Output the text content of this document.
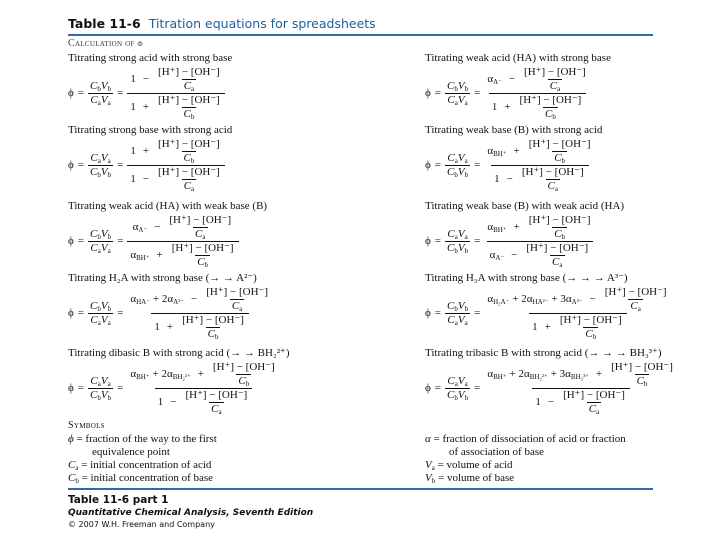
Table 11-6 Titration equations for spreadsheets
Calculation of ϕ
Titrating strong acid with strong base
$\phi = \frac{C_bV_b}{C_aV_a} = \frac{1 - \frac{[H^+] - [OH^-]}{C_a}}{1 + \frac{[H^+] - [OH^-]}{C_b}}$
Titrating strong base with strong acid
$\phi = \frac{C_aV_a}{C_bV_b} = \frac{1 + \frac{[H^+] - [OH^-]}{C_b}}{1 - \frac{[H^+] - [OH^-]}{C_a}}$
Titrating weak acid (HA) with weak base (B)
$\phi = \frac{C_bV_b}{C_aV_a} = \frac{\alpha_{A^-} - \frac{[H^+] - [OH^-]}{C_a}}{\alpha_{BH^+} + \frac{[H^+] - [OH^-]}{C_b}}$
Titrating H₂A with strong base (→ → A²⁻)
$\phi = \frac{C_bV_b}{C_aV_a} = \frac{\alpha_{HA^-} + 2\alpha_{A^{2-}} - \frac{[H^+] - [OH^-]}{C_a}}{1 + \frac{[H^+] - [OH^-]}{C_b}}$
Titrating dibasic B with strong acid (→ → BH₂²⁺)
$\phi = \frac{C_aV_a}{C_bV_b} = \frac{\alpha_{BH^+} + 2\alpha_{BH_2^{2+}} + \frac{[H^+] - [OH^-]}{C_b}}{1 - \frac{[H^+] - [OH^-]}{C_a}}$
Titrating weak acid (HA) with strong base
$\phi = \frac{C_bV_b}{C_aV_a} = \frac{\alpha_{A^-} - \frac{[H^+] - [OH^-]}{C_a}}{1 + \frac{[H^+] - [OH^-]}{C_b}}$
Titrating weak base (B) with strong acid
$\phi = \frac{C_aV_a}{C_bV_b} = \frac{\alpha_{BH^+} + \frac{[H^+] - [OH^-]}{C_b}}{1 - \frac{[H^+] - [OH^-]}{C_a}}$
Titrating weak base (B) with weak acid (HA)
$\phi = \frac{C_aV_a}{C_bV_b} = \frac{\alpha_{BH^+} + \frac{[H^+] - [OH^-]}{C_b}}{\alpha_{A^-} - \frac{[H^+] - [OH^-]}{C_a}}$
Titrating H₃A with strong base (→ → → A³⁻)
$\phi = \frac{C_bV_b}{C_aV_a} = \frac{\alpha_{H_2A^-} + 2\alpha_{HA^{2-}} + 3\alpha_{A^{3-}} - \frac{[H^+] - [OH^-]}{C_a}}{1 + \frac{[H^+] - [OH^-]}{C_b}}$
Titrating tribasic B with strong acid (→ → → BH₃³⁺)
$\phi = \frac{C_aV_a}{C_bV_b} = \frac{\alpha_{BH^+} + 2\alpha_{BH_2^{2+}} + 3\alpha_{BH_3^{3+}} + \frac{[H^+] - [OH^-]}{C_b}}{1 - \frac{[H^+] - [OH^-]}{C_a}}$
Symbols
ϕ = fraction of the way to the first
equivalence point
$C_a$ = initial concentration of acid
$C_b$ = initial concentration of base
α = fraction of dissociation of acid or fraction
of association of base
$V_a$ = volume of acid
$V_b$ = volume of base
Table 11-6 part 1
Quantitative Chemical Analysis, Seventh Edition
© 2007 W.H. Freeman and Company
